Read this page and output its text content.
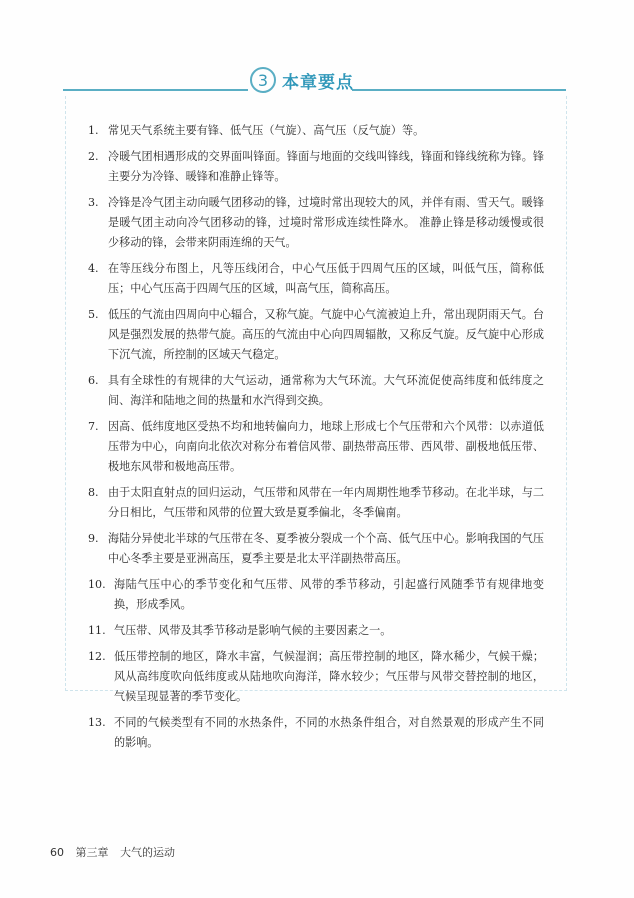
3 本章要点
1. 常见天气系统主要有锋、低气压（气旋）、高气压（反气旋）等。
2. 冷暖气团相遇形成的交界面叫锋面。锋面与地面的交线叫锋线，锋面和锋线统称为锋。锋主要分为冷锋、暖锋和准静止锋等。
3. 冷锋是冷气团主动向暖气团移动的锋，过境时常出现较大的风，并伴有雨、雪天气。暖锋是暖气团主动向冷气团移动的锋，过境时常形成连续性降水。 准静止锋是移动缓慢或很少移动的锋，会带来阴雨连绵的天气。
4. 在等压线分布图上，凡等压线闭合，中心气压低于四周气压的区域，叫低气压，简称低压；中心气压高于四周气压的区域，叫高气压，简称高压。
5. 低压的气流由四周向中心辐合，又称气旋。气旋中心气流被迫上升，常出现阴雨天气。台风是强烈发展的热带气旋。高压的气流由中心向四周辐散，又称反气旋。反气旋中心形成下沉气流，所控制的区域天气稳定。
6. 具有全球性的有规律的大气运动，通常称为大气环流。大气环流促使高纬度和低纬度之间、海洋和陆地之间的热量和水汽得到交换。
7. 因高、低纬度地区受热不均和地转偏向力，地球上形成七个气压带和六个风带：以赤道低压带为中心，向南向北依次对称分布着信风带、副热带高压带、西风带、副极地低压带、极地东风带和极地高压带。
8. 由于太阳直射点的回归运动，气压带和风带在一年内周期性地季节移动。在北半球，与二分日相比，气压带和风带的位置大致是夏季偏北，冬季偏南。
9. 海陆分异使北半球的气压带在冬、夏季被分裂成一个个高、低气压中心。影响我国的气压中心冬季主要是亚洲高压，夏季主要是北太平洋副热带高压。
10. 海陆气压中心的季节变化和气压带、风带的季节移动，引起盛行风随季节有规律地变换，形成季风。
11. 气压带、风带及其季节移动是影响气候的主要因素之一。
12. 低压带控制的地区，降水丰富，气候湿润；高压带控制的地区，降水稀少，气候干燥；风从高纬度吹向低纬度或从陆地吹向海洋，降水较少；气压带与风带交替控制的地区，气候呈现显著的季节变化。
13. 不同的气候类型有不同的水热条件，不同的水热条件组合，对自然景观的形成产生不同的影响。
60 第三章 大气的运动
